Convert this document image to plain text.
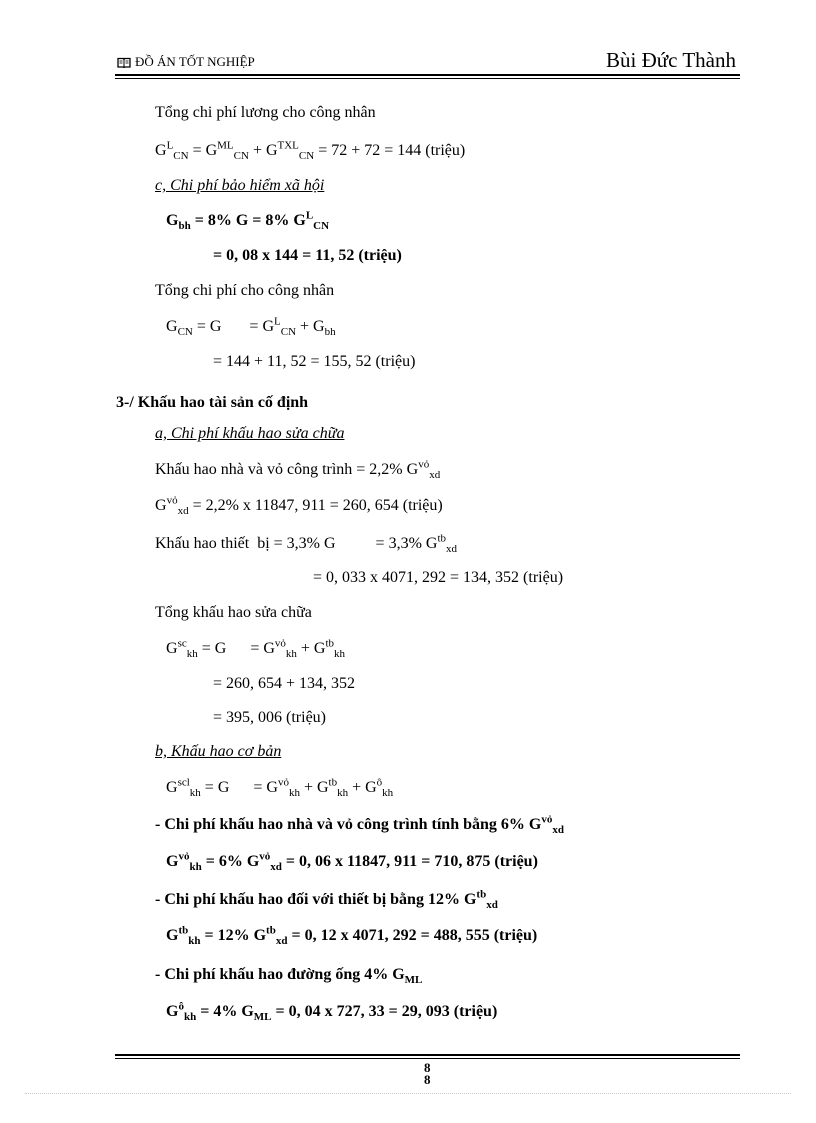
ĐỒ ÁN TỐT NGHIỆP	Bùi Đức Thành
Tổng chi phí lương cho công nhân
$G^L_{CN} = G^{ML}_{CN} + G^{TXL}_{CN} = 72 + 72 = 144$ (triệu)
c, Chi phí bảo hiểm xã hội
$G_{bh} = 8\%$ G = 8% $G^L_{CN}$
= 0, 08 x 144 = 11, 52 (triệu)
Tổng chi phí cho công nhân
$G_{CN} = G$       = $G^L_{CN} + G_{bh}$
= 144 + 11, 52 = 155, 52 (triệu)
3-/ Khấu hao tài sản cố định
a, Chi phí khấu hao sửa chữa
Khấu hao nhà và vỏ công trình = 2,2% $G^{vỏ}_{xd}$
$G^{vỏ}_{xd} = 2,2\%$ x 11847, 911 = 260, 654 (triệu)
Khấu hao thiết  bị = 3,3% G          = 3,3% $G^{tb}_{xd}$
= 0, 033 x 4071, 292 = 134, 352 (triệu)
Tổng khấu hao sửa chữa
$G^{sc}_{kh} = G$      = $G^{vỏ}_{kh} + G^{tb}_{kh}$
= 260, 654 + 134, 352
= 395, 006 (triệu)
b, Khấu hao cơ bản
$G^{scl}_{kh} = G$      = $G^{vỏ}_{kh} + G^{tb}_{kh} + G^ô_{kh}$
- Chi phí khấu hao nhà và vỏ công trình tính bằng 6% $G^{vỏ}_{xd}$
$G^{vỏ}_{kh} = 6\%$ $G^{vỏ}_{xd} = 0$, 06 x 11847, 911 = 710, 875 (triệu)
- Chi phí khấu hao đối với thiết bị bằng 12% $G^{tb}_{xd}$
$G^{tb}_{kh} = 12\%$ $G^{tb}_{xd} = 0$, 12 x 4071, 292 = 488, 555 (triệu)
- Chi phí khấu hao đường ống 4% $G_{ML}$
$G^ô_{kh} = 4\%$ $G_{ML} = 0$, 04 x 727, 33 = 29, 093 (triệu)
8
8
